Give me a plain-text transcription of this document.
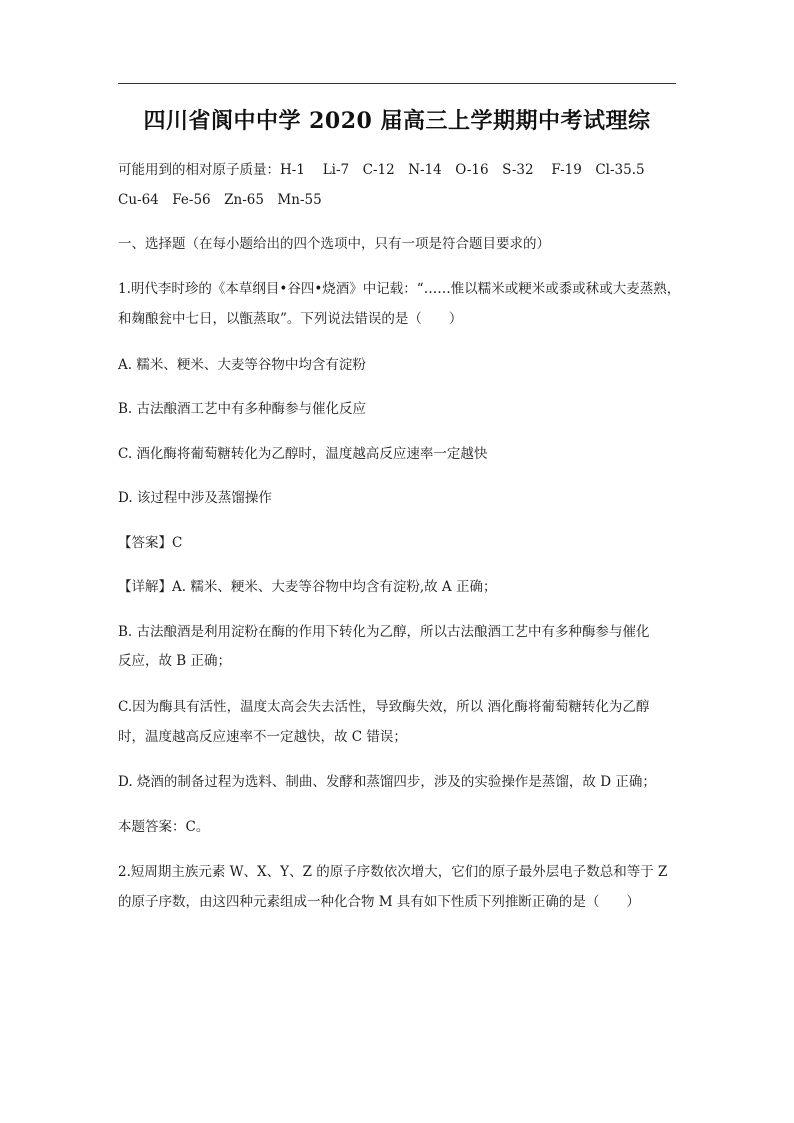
四川省阆中中学 2020 届高三上学期期中考试理综
可能用到的相对原子质量：H-1　 Li-7　C-12　N-14　O-16　S-32　 F-19　Cl-35.5
Cu-64　Fe-56　Zn-65　Mn-55
一、选择题（在每小题给出的四个选项中，只有一项是符合题目要求的）
1.明代李时珍的《本草纲目•谷四•烧酒》中记载：“……惟以糯米或粳米或黍或秫或大麦蒸熟，
和麹酿瓮中七日，以甑蒸取”。下列说法错误的是（　　）
A. 糯米、粳米、大麦等谷物中均含有淀粉
B. 古法酿酒工艺中有多种酶参与催化反应
C. 酒化酶将葡萄糖转化为乙醇时，温度越高反应速率一定越快
D. 该过程中涉及蒸馏操作
【答案】C
【详解】A. 糯米、粳米、大麦等谷物中均含有淀粉,故 A 正确；
B. 古法酿酒是利用淀粉在酶的作用下转化为乙醇，所以古法酿酒工艺中有多种酶参与催化
反应，故 B 正确；
C.因为酶具有活性，温度太高会失去活性，导致酶失效，所以 酒化酶将葡萄糖转化为乙醇
时，温度越高反应速率不一定越快，故 C 错误；
D. 烧酒的制备过程为选料、制曲、发酵和蒸馏四步，涉及的实验操作是蒸馏，故 D 正确；
本题答案：C。
2.短周期主族元素 W、X、Y、Z 的原子序数依次增大，它们的原子最外层电子数总和等于 Z
的原子序数，由这四种元素组成一种化合物 M 具有如下性质下列推断正确的是（　　）
